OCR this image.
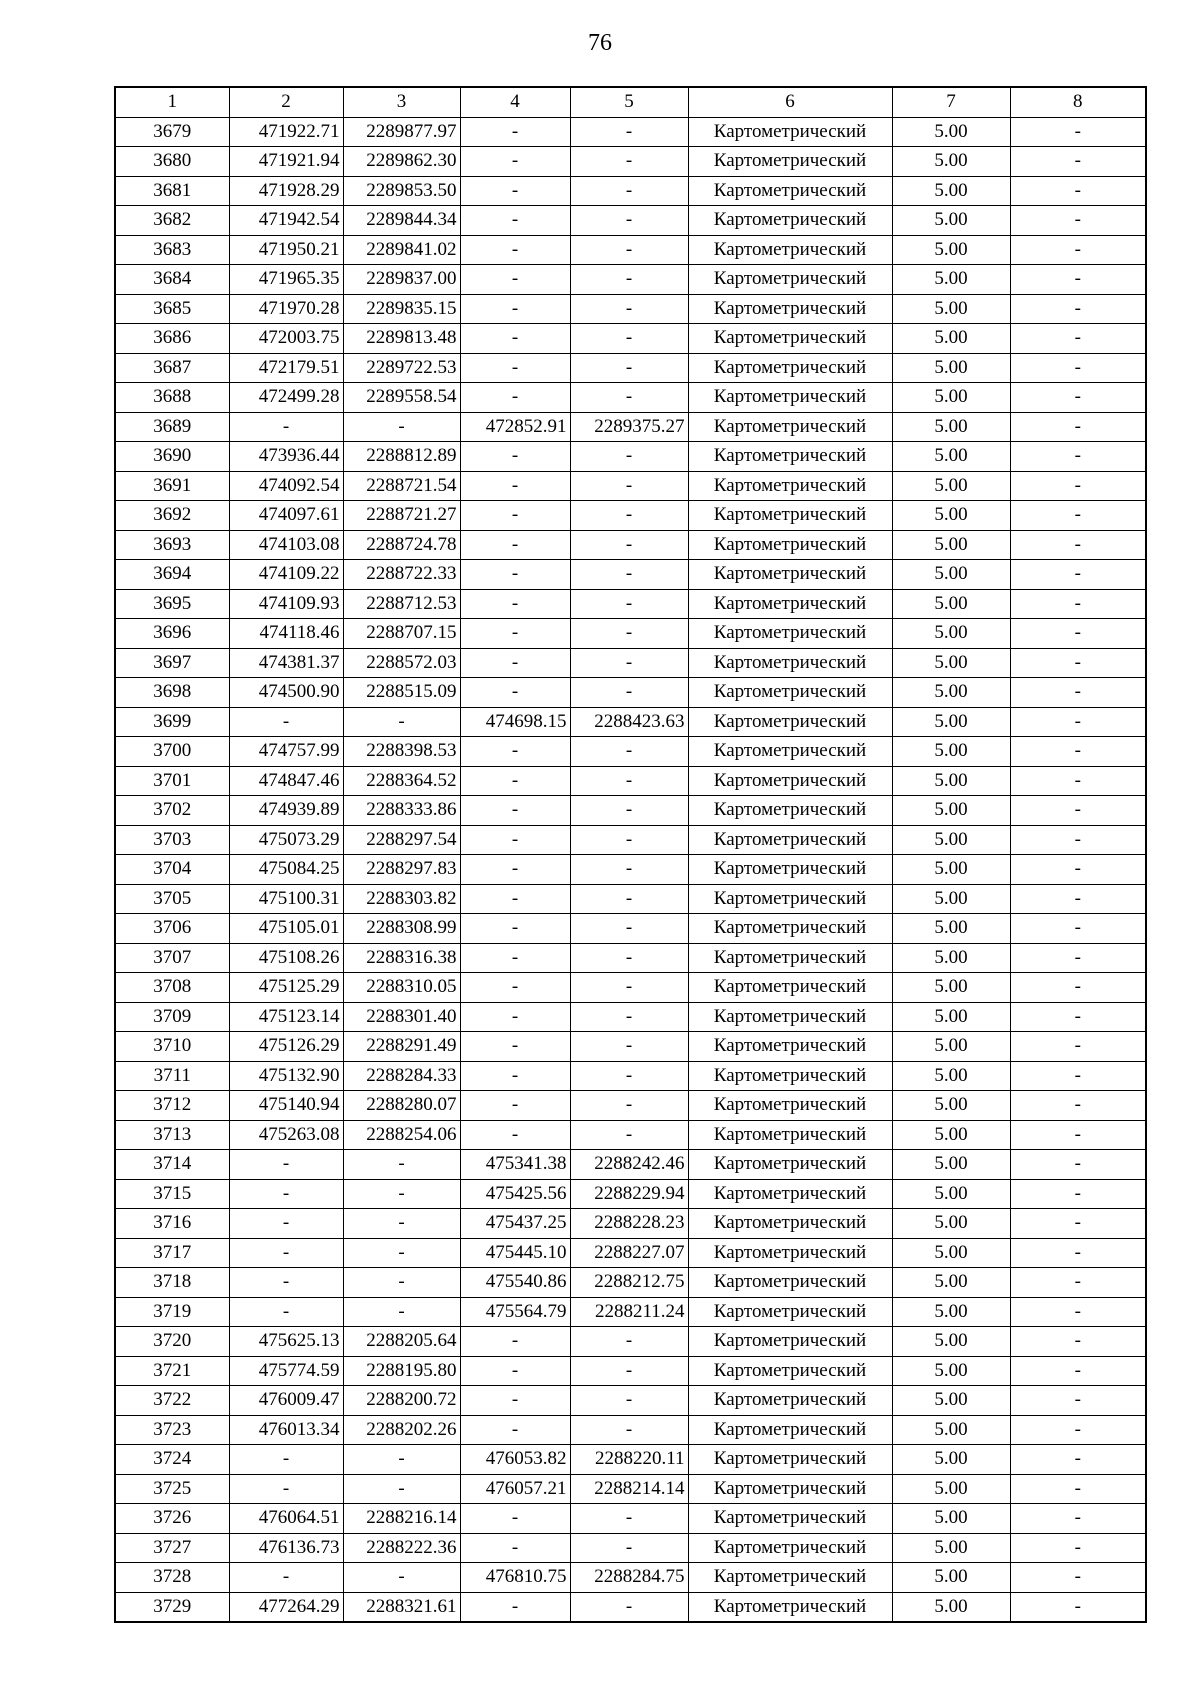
76
1	2	3	4	5	6	7	8
3679	471922.71	2289877.97	-	-	Картометрический	5.00	-
3680	471921.94	2289862.30	-	-	Картометрический	5.00	-
3681	471928.29	2289853.50	-	-	Картометрический	5.00	-
3682	471942.54	2289844.34	-	-	Картометрический	5.00	-
3683	471950.21	2289841.02	-	-	Картометрический	5.00	-
3684	471965.35	2289837.00	-	-	Картометрический	5.00	-
3685	471970.28	2289835.15	-	-	Картометрический	5.00	-
3686	472003.75	2289813.48	-	-	Картометрический	5.00	-
3687	472179.51	2289722.53	-	-	Картометрический	5.00	-
3688	472499.28	2289558.54	-	-	Картометрический	5.00	-
3689	-	-	472852.91	2289375.27	Картометрический	5.00	-
3690	473936.44	2288812.89	-	-	Картометрический	5.00	-
3691	474092.54	2288721.54	-	-	Картометрический	5.00	-
3692	474097.61	2288721.27	-	-	Картометрический	5.00	-
3693	474103.08	2288724.78	-	-	Картометрический	5.00	-
3694	474109.22	2288722.33	-	-	Картометрический	5.00	-
3695	474109.93	2288712.53	-	-	Картометрический	5.00	-
3696	474118.46	2288707.15	-	-	Картометрический	5.00	-
3697	474381.37	2288572.03	-	-	Картометрический	5.00	-
3698	474500.90	2288515.09	-	-	Картометрический	5.00	-
3699	-	-	474698.15	2288423.63	Картометрический	5.00	-
3700	474757.99	2288398.53	-	-	Картометрический	5.00	-
3701	474847.46	2288364.52	-	-	Картометрический	5.00	-
3702	474939.89	2288333.86	-	-	Картометрический	5.00	-
3703	475073.29	2288297.54	-	-	Картометрический	5.00	-
3704	475084.25	2288297.83	-	-	Картометрический	5.00	-
3705	475100.31	2288303.82	-	-	Картометрический	5.00	-
3706	475105.01	2288308.99	-	-	Картометрический	5.00	-
3707	475108.26	2288316.38	-	-	Картометрический	5.00	-
3708	475125.29	2288310.05	-	-	Картометрический	5.00	-
3709	475123.14	2288301.40	-	-	Картометрический	5.00	-
3710	475126.29	2288291.49	-	-	Картометрический	5.00	-
3711	475132.90	2288284.33	-	-	Картометрический	5.00	-
3712	475140.94	2288280.07	-	-	Картометрический	5.00	-
3713	475263.08	2288254.06	-	-	Картометрический	5.00	-
3714	-	-	475341.38	2288242.46	Картометрический	5.00	-
3715	-	-	475425.56	2288229.94	Картометрический	5.00	-
3716	-	-	475437.25	2288228.23	Картометрический	5.00	-
3717	-	-	475445.10	2288227.07	Картометрический	5.00	-
3718	-	-	475540.86	2288212.75	Картометрический	5.00	-
3719	-	-	475564.79	2288211.24	Картометрический	5.00	-
3720	475625.13	2288205.64	-	-	Картометрический	5.00	-
3721	475774.59	2288195.80	-	-	Картометрический	5.00	-
3722	476009.47	2288200.72	-	-	Картометрический	5.00	-
3723	476013.34	2288202.26	-	-	Картометрический	5.00	-
3724	-	-	476053.82	2288220.11	Картометрический	5.00	-
3725	-	-	476057.21	2288214.14	Картометрический	5.00	-
3726	476064.51	2288216.14	-	-	Картометрический	5.00	-
3727	476136.73	2288222.36	-	-	Картометрический	5.00	-
3728	-	-	476810.75	2288284.75	Картометрический	5.00	-
3729	477264.29	2288321.61	-	-	Картометрический	5.00	-
